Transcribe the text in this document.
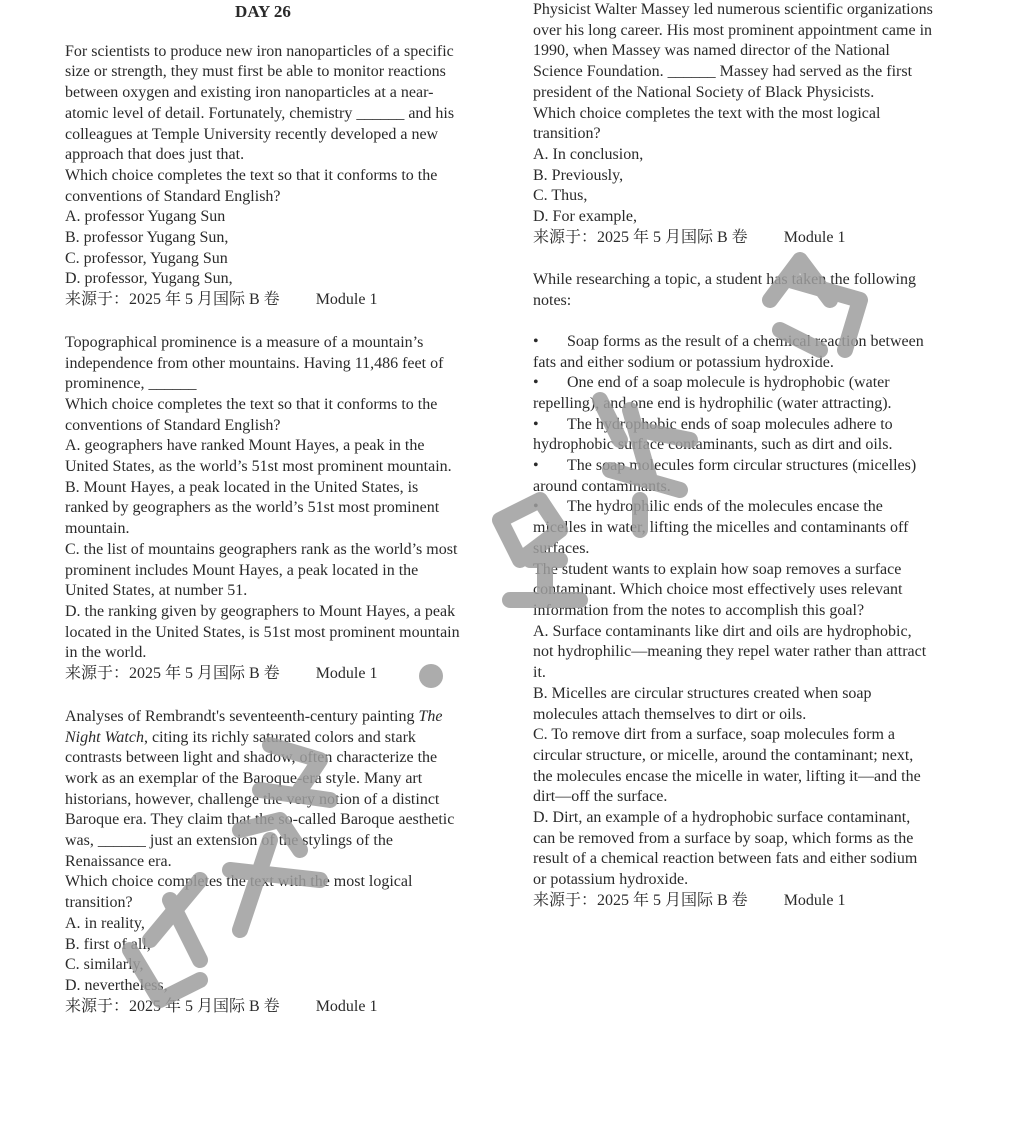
DAY 26

For scientists to produce new iron nanoparticles of a specific size or strength, they must first be able to monitor reactions between oxygen and existing iron nanoparticles at a near-atomic level of detail. Fortunately, chemistry ______ and his colleagues at Temple University recently developed a new approach that does just that.

Which choice completes the text so that it conforms to the conventions of Standard English?

A. professor Yugang Sun
B. professor Yugang Sun,
C. professor, Yugang Sun
D. professor, Yugang Sun,

来源于：2025 年 5 月国际 B 卷 Module 1

Topographical prominence is a measure of a mountain’s independence from other mountains. Having 11,486 feet of prominence, ______

Which choice completes the text so that it conforms to the conventions of Standard English?

A. geographers have ranked Mount Hayes, a peak in the United States, as the world’s 51st most prominent mountain.
B. Mount Hayes, a peak located in the United States, is ranked by geographers as the world’s 51st most prominent mountain.
C. the list of mountains geographers rank as the world’s most prominent includes Mount Hayes, a peak located in the United States, at number 51.
D. the ranking given by geographers to Mount Hayes, a peak located in the United States, is 51st most prominent mountain in the world.

来源于：2025 年 5 月国际 B 卷 Module 1

Analyses of Rembrandt's seventeenth-century painting The Night Watch, citing its richly saturated colors and stark contrasts between light and shadow, often characterize the work as an exemplar of the Baroque-era style. Many art historians, however, challenge the very notion of a distinct Baroque era. They claim that the so-called Baroque aesthetic was, ______ just an extension of the stylings of the Renaissance era.

Which choice completes the text with the most logical transition?

A. in reality,
B. first of all,
C. similarly,
D. nevertheless,

来源于：2025 年 5 月国际 B 卷 Module 1

Physicist Walter Massey led numerous scientific organizations over his long career. His most prominent appointment came in 1990, when Massey was named director of the National Science Foundation. ______ Massey had served as the first president of the National Society of Black Physicists.

Which choice completes the text with the most logical transition?

A. In conclusion,
B. Previously,
C. Thus,
D. For example,

来源于：2025 年 5 月国际 B 卷 Module 1

While researching a topic, a student has taken the following notes:

• Soap forms as the result of a chemical reaction between fats and either sodium or potassium hydroxide.
• One end of a soap molecule is hydrophobic (water repelling), and one end is hydrophilic (water attracting).
• The hydrophobic ends of soap molecules adhere to hydrophobic surface contaminants, such as dirt and oils.
• The soap molecules form circular structures (micelles) around contaminants.
• The hydrophilic ends of the molecules encase the micelles in water, lifting the micelles and contaminants off surfaces.

The student wants to explain how soap removes a surface contaminant. Which choice most effectively uses relevant information from the notes to accomplish this goal?

A. Surface contaminants like dirt and oils are hydrophobic, not hydrophilic—meaning they repel water rather than attract it.
B. Micelles are circular structures created when soap molecules attach themselves to dirt or oils.
C. To remove dirt from a surface, soap molecules form a circular structure, or micelle, around the contaminant; next, the molecules encase the micelle in water, lifting it—and the dirt—off the surface.
D. Dirt, an example of a hydrophobic surface contaminant, can be removed from a surface by soap, which forms as the result of a chemical reaction between fats and either sodium or potassium hydroxide.

来源于：2025 年 5 月国际 B 卷 Module 1
